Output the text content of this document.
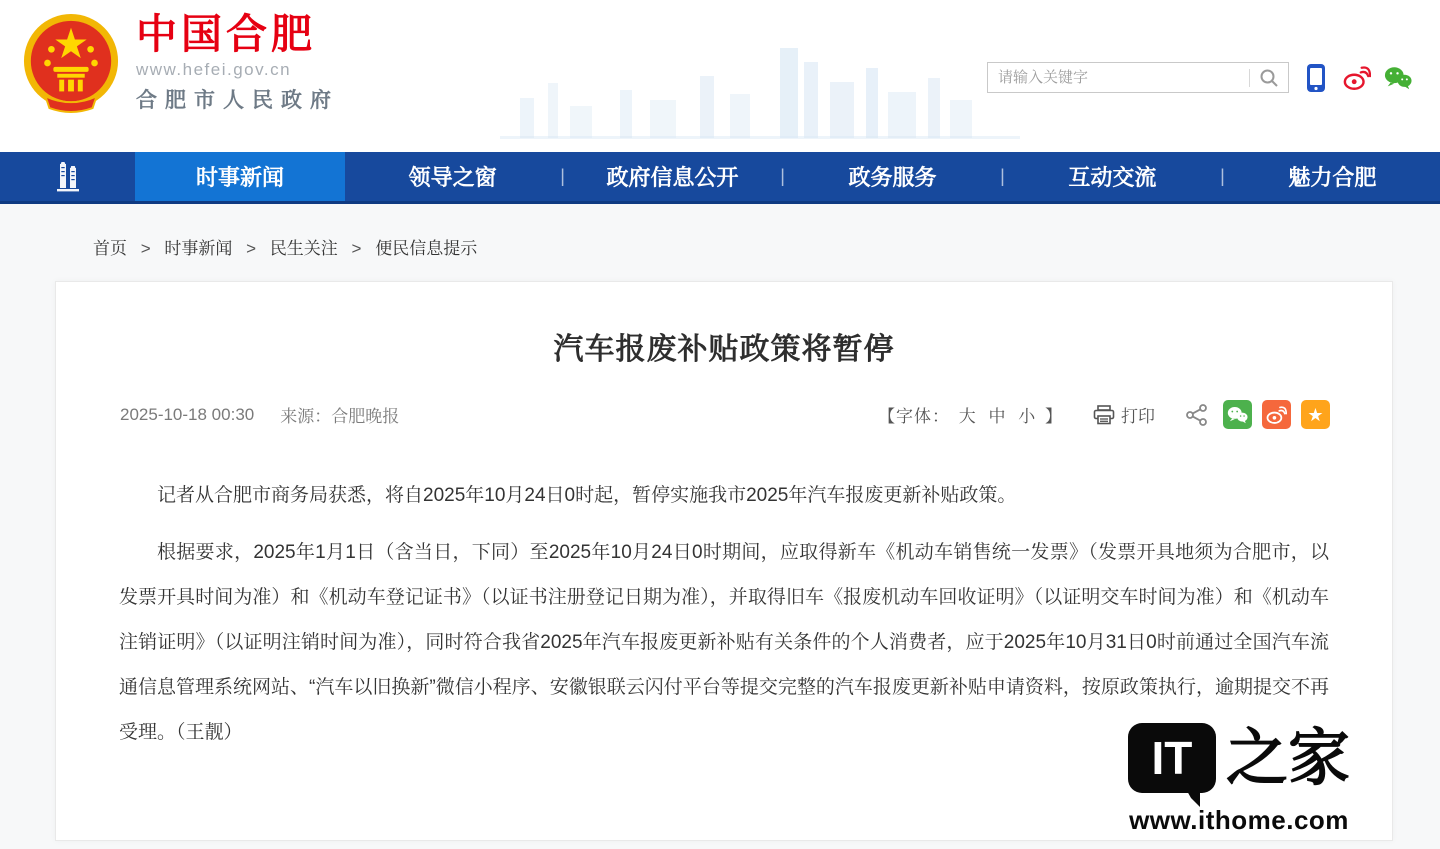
中国合肥
www.hefei.gov.cn
合肥市人民政府
请输入关键字
时事新闻	领导之窗	|	政府信息公开	|	政务服务	|	互动交流	|	魅力合肥
首页 > 时事新闻 > 民生关注 > 便民信息提示
汽车报废补贴政策将暂停
2025-10-18 00:30 来源：合肥晚报	【字体： 大 中 小 】	打印	★

记者从合肥市商务局获悉，将自2025年10月24日0时起，暂停实施我市2025年汽车报废更新补贴政策。

根据要求，2025年1月1日（含当日，下同）至2025年10月24日0时期间，应取得新车《机动车销售统一发票》（发票开具地须为合肥市，以发票开具时间为准）和《机动车登记证书》（以证书注册登记日期为准），并取得旧车《报废机动车回收证明》（以证明交车时间为准）和《机动车注销证明》（以证明注销时间为准），同时符合我省2025年汽车报废更新补贴有关条件的个人消费者，应于2025年10月31日0时前通过全国汽车流通信息管理系统网站、“汽车以旧换新”微信小程序、安徽银联云闪付平台等提交完整的汽车报废更新补贴申请资料，按原政策执行，逾期提交不再受理。（王靓）	IT 之家
www.ithome.com
